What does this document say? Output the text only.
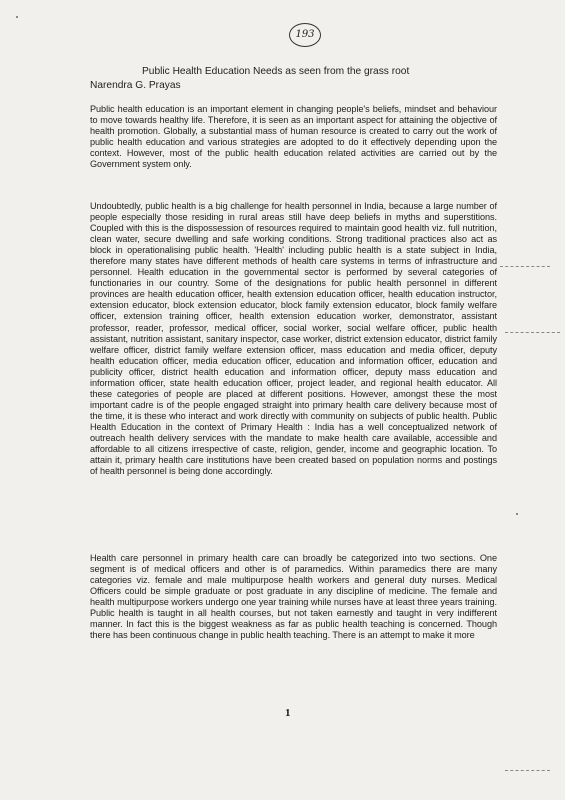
193
Public Health Education Needs as seen from the grass root
Narendra G. Prayas

Public health education is an important element in changing people's beliefs, mindset and behaviour to move towards healthy life. Therefore, it is seen as an important aspect for attaining the objective of health promotion. Globally, a substantial mass of human resource is created to carry out the work of public health education and various strategies are adopted to do it effectively depending upon the context. However, most of the public health education related activities are carried out by the Government system only.

Undoubtedly, public health is a big challenge for health personnel in India, because a large number of people especially those residing in rural areas still have deep beliefs in myths and superstitions. Coupled with this is the dispossession of resources required to maintain good health viz. full nutrition, clean water, secure dwelling and safe working conditions. Strong traditional practices also act as block in operationalising public health. 'Health' including public health is a state subject in India, therefore many states have different methods of health care systems in terms of infrastructure and personnel. Health education in the governmental sector is performed by several categories of functionaries in our country. Some of the designations for public health personnel in different provinces are health education officer, health extension education officer, health education instructor, extension educator, block extension educator, block family extension educator, block family welfare officer, extension training officer, health extension education worker, demonstrator, assistant professor, reader, professor, medical officer, social worker, social welfare officer, public health assistant, nutrition assistant, sanitary inspector, case worker, district extension educator, district family welfare officer, district family welfare extension officer, mass education and media officer, deputy health education officer, media education officer, education and information officer, education and publicity officer, district health education and information officer, deputy mass education and information officer, state health education officer, project leader, and regional health educator. All these categories of people are placed at different positions. However, amongst these the most important cadre is of the people engaged straight into primary health care delivery because most of the time, it is these who interact and work directly with community on subjects of public health. Public Health Education in the context of Primary Health : India has a well conceptualized network of outreach health delivery services with the mandate to make health care available, accessible and affordable to all citizens irrespective of caste, religion, gender, income and geographic location. To attain it, primary health care institutions have been created based on population norms and postings of health personnel is being done accordingly.

Health care personnel in primary health care can broadly be categorized into two sections. One segment is of medical officers and other is of paramedics. Within paramedics there are many categories viz. female and male multipurpose health workers and general duty nurses. Medical Officers could be simple graduate or post graduate in any discipline of medicine. The female and health multipurpose workers undergo one year training while nurses have at least three years training. Public health is taught in all health courses, but not taken earnestly and taught in very indifferent manner. In fact this is the biggest weakness as far as public health teaching is concerned. Though there has been continuous change in public health teaching. There is an attempt to make it more

1
